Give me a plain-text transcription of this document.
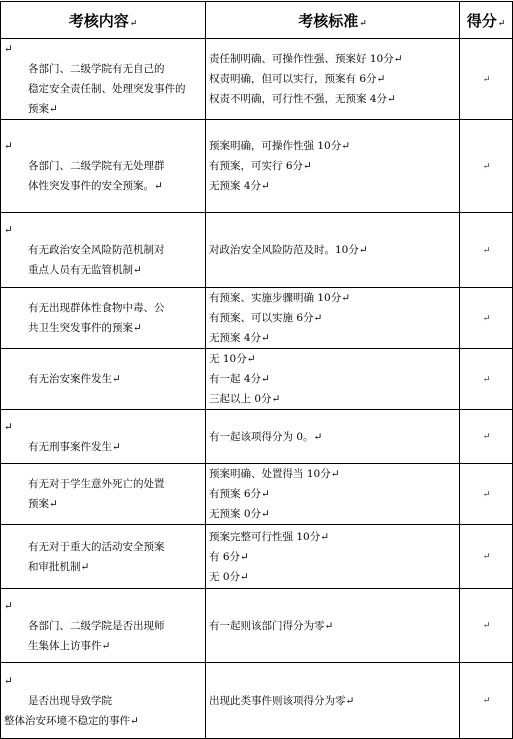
考核内容↵	考核标准↵	得分↵

↵
各部门、二级学院有无自己的
稳定安全责任制、处理突发事件的
预案↵	责任制明确、可操作性强、预案好 10分↵
权责明确，但可以实行，预案有 6分↵
权责不明确，可行性不强，无预案 4分↵	↵

↵
各部门、二级学院有无处理群
体性突发事件的安全预案。↵	预案明确，可操作性强 10分↵
有预案，可实行 6分↵
无预案 4分↵	↵

↵
有无政治安全风险防范机制对
重点人员有无监管机制↵	对政治安全风险防范及时。10分↵	↵

有无出现群体性食物中毒、公
共卫生突发事件的预案↵	有预案、实施步骤明确 10分↵
有预案、可以实施 6分↵
无预案 4分↵	↵

有无治安案件发生↵	无 10分↵
有一起 4分↵
三起以上 0分↵	↵

↵
有无刑事案件发生↵	有一起该项得分为 0。↵	↵

有无对于学生意外死亡的处置
预案↵	预案明确、处置得当 10分↵
有预案 6分↵
无预案 0分↵	↵

有无对于重大的活动安全预案
和审批机制↵	预案完整可行性强 10分↵
有 6分↵
无 0分↵	↵

↵
各部门、二级学院是否出现师
生集体上访事件↵	有一起则该部门得分为零↵	↵

↵
是否出现导致学院
整体治安环境不稳定的事件↵	出现此类事件则该项得分为零↵	↵
